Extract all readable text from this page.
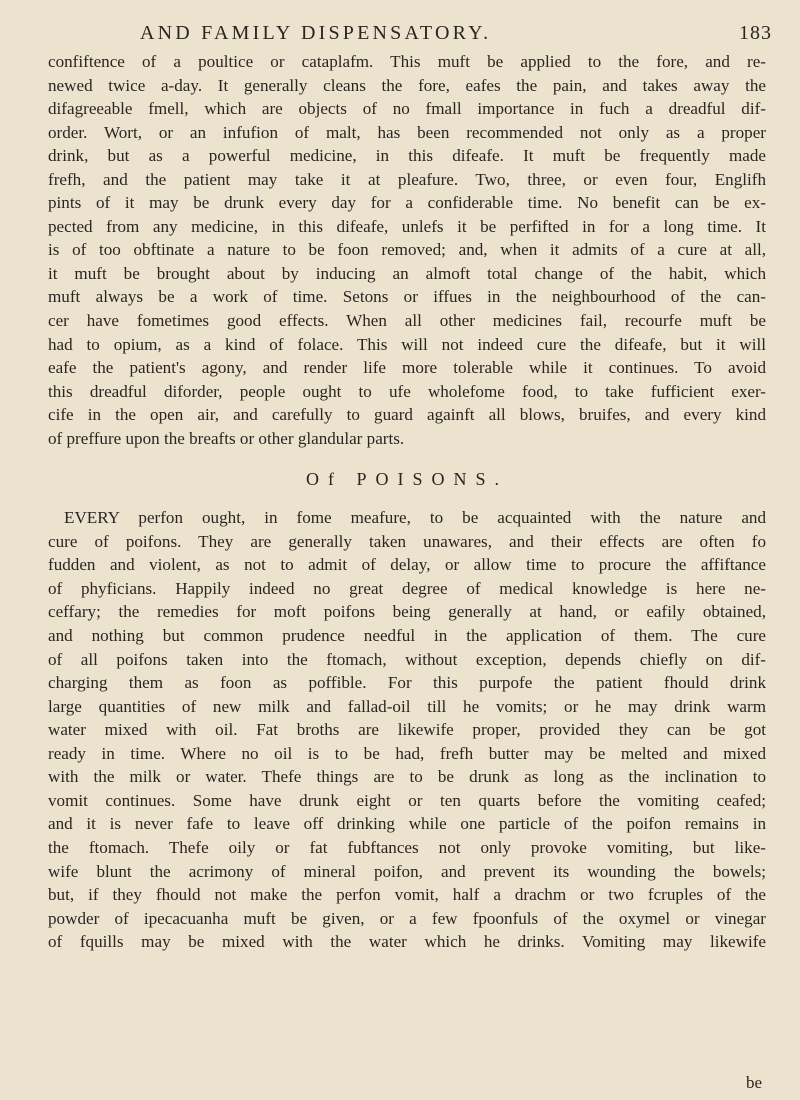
AND FAMILY DISPENSATORY.	183
confiftence of a poultice or cataplafm. This muft be applied to the fore, and re-
newed twice a-day. It generally cleans the fore, eafes the pain, and takes away the
difagreeable fmell, which are objects of no fmall importance in fuch a dreadful dif-
order. Wort, or an infufion of malt, has been recommended not only as a proper
drink, but as a powerful medicine, in this difeafe. It muft be frequently made
frefh, and the patient may take it at pleafure. Two, three, or even four, Englifh
pints of it may be drunk every day for a confiderable time. No benefit can be ex-
pected from any medicine, in this difeafe, unlefs it be perfifted in for a long time. It
is of too obftinate a nature to be foon removed; and, when it admits of a cure at all,
it muft be brought about by inducing an almoft total change of the habit, which
muft always be a work of time. Setons or iffues in the neighbourhood of the can-
cer have fometimes good effects. When all other medicines fail, recourfe muft be
had to opium, as a kind of folace. This will not indeed cure the difeafe, but it will
eafe the patient's agony, and render life more tolerable while it continues. To avoid
this dreadful diforder, people ought to ufe wholefome food, to take fufficient exer-
cife in the open air, and carefully to guard againft all blows, bruifes, and every kind
of preffure upon the breafts or other glandular parts.
Of POISONS.
EVERY perfon ought, in fome meafure, to be acquainted with the nature and
cure of poifons. They are generally taken unawares, and their effects are often fo
fudden and violent, as not to admit of delay, or allow time to procure the affiftance
of phyficians. Happily indeed no great degree of medical knowledge is here ne-
ceffary; the remedies for moft poifons being generally at hand, or eafily obtained,
and nothing but common prudence needful in the application of them. The cure
of all poifons taken into the ftomach, without exception, depends chiefly on dif-
charging them as foon as poffible. For this purpofe the patient fhould drink
large quantities of new milk and fallad-oil till he vomits; or he may drink warm
water mixed with oil. Fat broths are likewife proper, provided they can be got
ready in time. Where no oil is to be had, frefh butter may be melted and mixed
with the milk or water. Thefe things are to be drunk as long as the inclination to
vomit continues. Some have drunk eight or ten quarts before the vomiting ceafed;
and it is never fafe to leave off drinking while one particle of the poifon remains in
the ftomach. Thefe oily or fat fubftances not only provoke vomiting, but like-
wife blunt the acrimony of mineral poifon, and prevent its wounding the bowels;
but, if they fhould not make the perfon vomit, half a drachm or two fcruples of the
powder of ipecacuanha muft be given, or a few fpoonfuls of the oxymel or vinegar
of fquills may be mixed with the water which he drinks. Vomiting may likewife
be
